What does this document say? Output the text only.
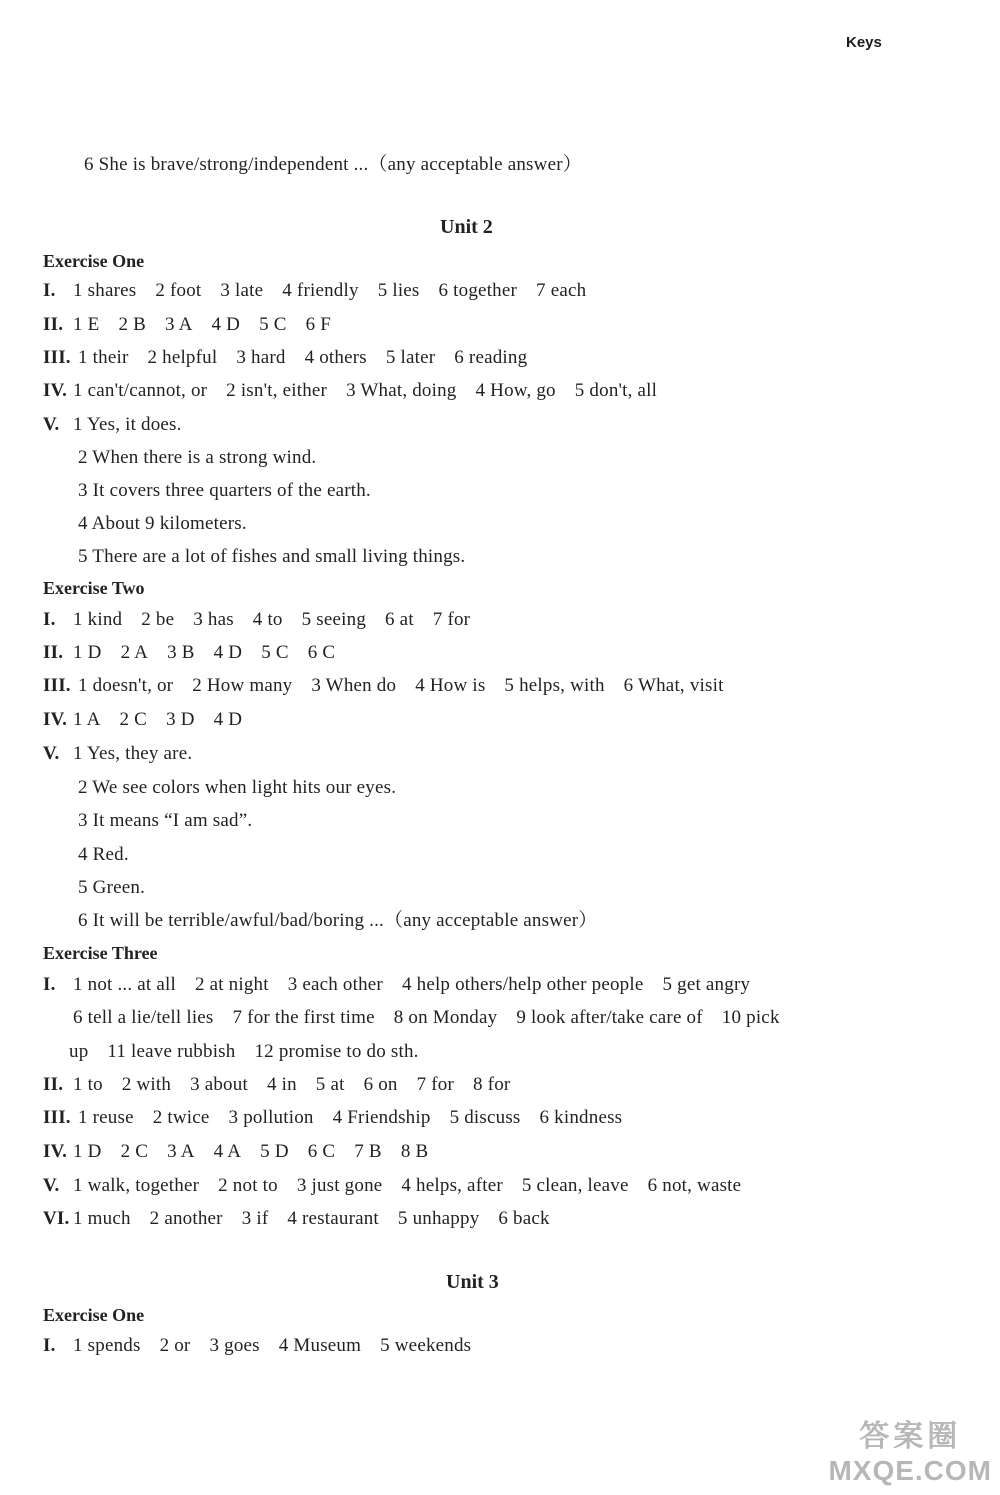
Keys
6 She is brave/strong/independent ...（any acceptable answer）
Unit 2
Exercise One
I. 1 shares 2 foot 3 late 4 friendly 5 lies 6 together 7 each
II. 1 E 2 B 3 A 4 D 5 C 6 F
III. 1 their 2 helpful 3 hard 4 others 5 later 6 reading
IV. 1 can't/cannot, or 2 isn't, either 3 What, doing 4 How, go 5 don't, all
V. 1 Yes, it does.
2 When there is a strong wind.
3 It covers three quarters of the earth.
4 About 9 kilometers.
5 There are a lot of fishes and small living things.
Exercise Two
I. 1 kind 2 be 3 has 4 to 5 seeing 6 at 7 for
II. 1 D 2 A 3 B 4 D 5 C 6 C
III. 1 doesn't, or 2 How many 3 When do 4 How is 5 helps, with 6 What, visit
IV. 1 A 2 C 3 D 4 D
V. 1 Yes, they are.
2 We see colors when light hits our eyes.
3 It means “I am sad”.
4 Red.
5 Green.
6 It will be terrible/awful/bad/boring ...（any acceptable answer）
Exercise Three
I. 1 not ... at all 2 at night 3 each other 4 help others/help other people 5 get angry
6 tell a lie/tell lies 7 for the first time 8 on Monday 9 look after/take care of 10 pick
up 11 leave rubbish 12 promise to do sth.
II. 1 to 2 with 3 about 4 in 5 at 6 on 7 for 8 for
III. 1 reuse 2 twice 3 pollution 4 Friendship 5 discuss 6 kindness
IV. 1 D 2 C 3 A 4 A 5 D 6 C 7 B 8 B
V. 1 walk, together 2 not to 3 just gone 4 helps, after 5 clean, leave 6 not, waste
VI. 1 much 2 another 3 if 4 restaurant 5 unhappy 6 back
Unit 3
Exercise One
I. 1 spends 2 or 3 goes 4 Museum 5 weekends
答案圈
MXQE.COM
